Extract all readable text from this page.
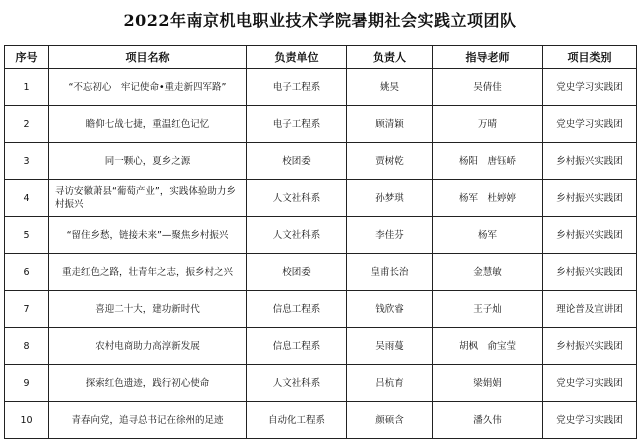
2022年南京机电职业技术学院暑期社会实践立项团队
序号	项目名称	负责单位	负责人	指导老师	项目类别
1	“不忘初心　牢记使命•重走新四军路”	电子工程系	姚昊	吴倩佳	党史学习实践团
2	瞻仰七战七捷，重温红色记忆	电子工程系	顾清颖	万晴	党史学习实践团
3	同一颗心，夏乡之源	校团委	贾树乾	杨阳　唐钰峤	乡村振兴实践团
4	寻访安徽萧县“葡萄产业”，实践体验助力乡村振兴	人文社科系	孙梦琪	杨军　杜婷婷	乡村振兴实践团
5	“留住乡愁，链接未来”—聚焦乡村振兴	人文社科系	李佳芬	杨军	乡村振兴实践团
6	重走红色之路，壮青年之志，振乡村之兴	校团委	皇甫长治	金慧敏	乡村振兴实践团
7	喜迎二十大，建功新时代	信息工程系	钱欣睿	王子灿	理论普及宣讲团
8	农村电商助力高淳新发展	信息工程系	吴雨蔓	胡枫　俞宝莹	乡村振兴实践团
9	探索红色遗迹，践行初心使命	人文社科系	吕杭育	梁娟娟	党史学习实践团
10	青春向党，追寻总书记在徐州的足迹	自动化工程系	颜硕含	潘久伟	党史学习实践团
